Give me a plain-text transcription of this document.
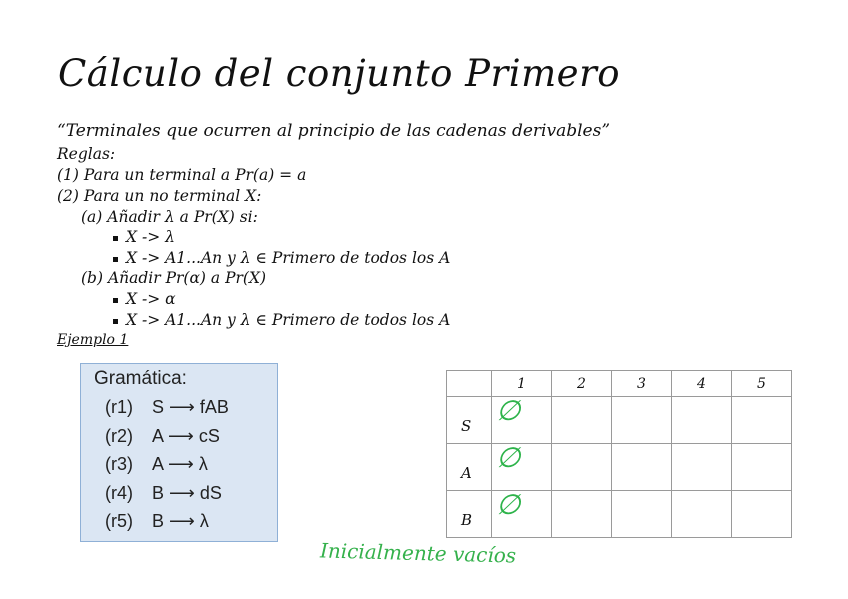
Cálculo del conjunto Primero
“Terminales que ocurren al principio de las cadenas derivables”
Reglas:
(1) Para un terminal a Pr(a) = a
(2) Para un no terminal X:
(a) Añadir λ a Pr(X) si:
X -> λ
X -> A1...An y λ ∈ Primero de todos los A
(b) Añadir Pr(α) a Pr(X)
X -> α
X -> A1...An y λ ∈ Primero de todos los A
Ejemplo 1
Gramática:
(r1) S ⟶ fAB
(r2) A ⟶ cS
(r3) A ⟶ λ
(r4) B ⟶ dS
(r5) B ⟶ λ
	1	2	3	4	5
S	∅				
A	∅				
B	∅				
Inicialmente vacíos
